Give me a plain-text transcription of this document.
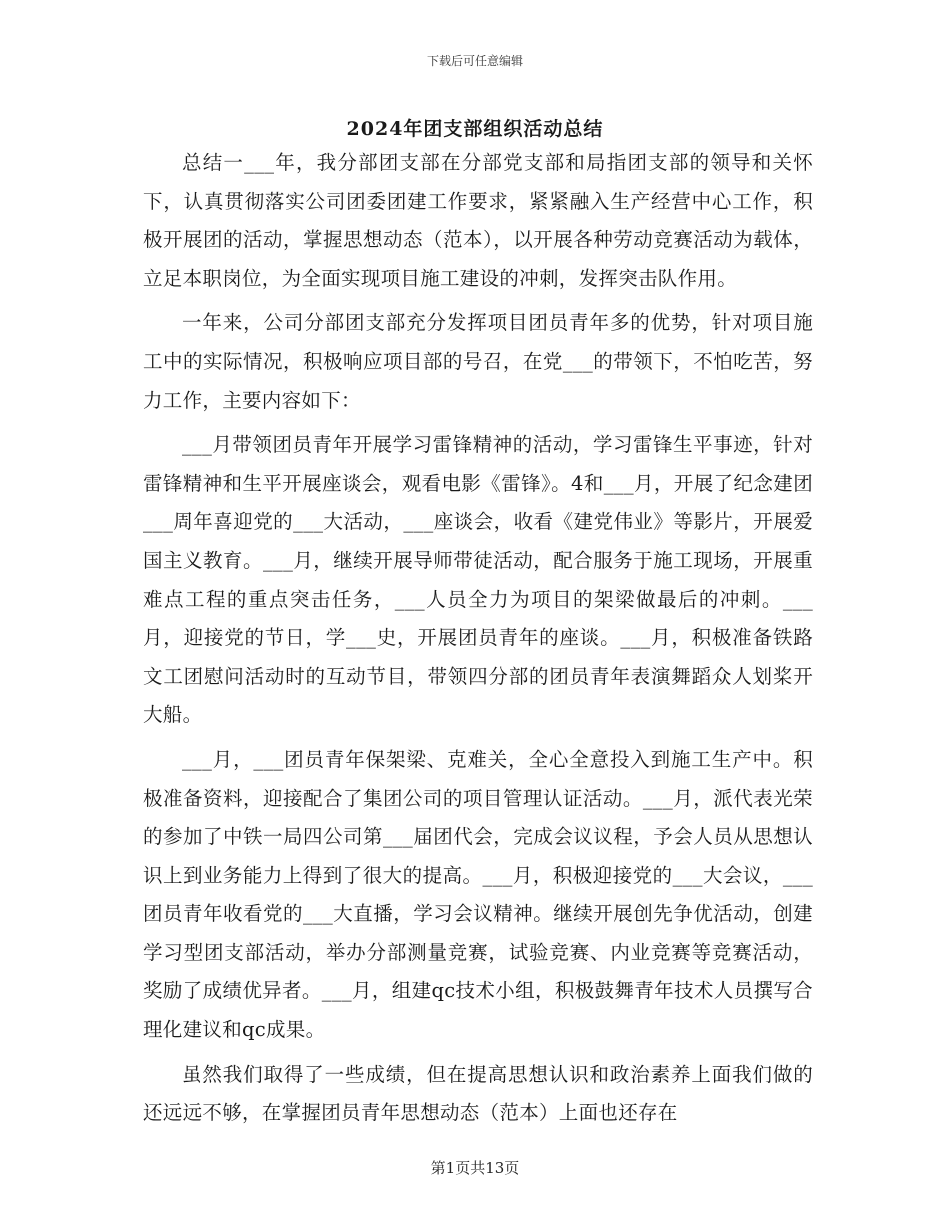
下载后可任意编辑
2024年团支部组织活动总结

总结一___年，我分部团支部在分部党支部和局指团支部的领导和关怀下，认真贯彻落实公司团委团建工作要求，紧紧融入生产经营中心工作，积极开展团的活动，掌握思想动态（范本），以开展各种劳动竞赛活动为载体，立足本职岗位，为全面实现项目施工建设的冲刺，发挥突击队作用。

一年来，公司分部团支部充分发挥项目团员青年多的优势，针对项目施工中的实际情况，积极响应项目部的号召，在党___的带领下，不怕吃苦，努力工作，主要内容如下：

___月带领团员青年开展学习雷锋精神的活动，学习雷锋生平事迹，针对雷锋精神和生平开展座谈会，观看电影《雷锋》。4和___月，开展了纪念建团___周年喜迎党的___大活动，___座谈会，收看《建党伟业》等影片，开展爱国主义教育。___月，继续开展导师带徒活动，配合服务于施工现场，开展重难点工程的重点突击任务，___人员全力为项目的架梁做最后的冲刺。___月，迎接党的节日，学___史，开展团员青年的座谈。___月，积极准备铁路文工团慰问活动时的互动节目，带领四分部的团员青年表演舞蹈众人划桨开大船。

___月，___团员青年保架梁、克难关，全心全意投入到施工生产中。积极准备资料，迎接配合了集团公司的项目管理认证活动。___月，派代表光荣的参加了中铁一局四公司第___届团代会，完成会议议程，予会人员从思想认识上到业务能力上得到了很大的提高。___月，积极迎接党的___大会议，___团员青年收看党的___大直播，学习会议精神。继续开展创先争优活动，创建学习型团支部活动，举办分部测量竞赛，试验竞赛、内业竞赛等竞赛活动，奖励了成绩优异者。___月，组建qc技术小组，积极鼓舞青年技术人员撰写合理化建议和qc成果。

虽然我们取得了一些成绩，但在提高思想认识和政治素养上面我们做的还远远不够，在掌握团员青年思想动态（范本）上面也还存在

第1页共13页
